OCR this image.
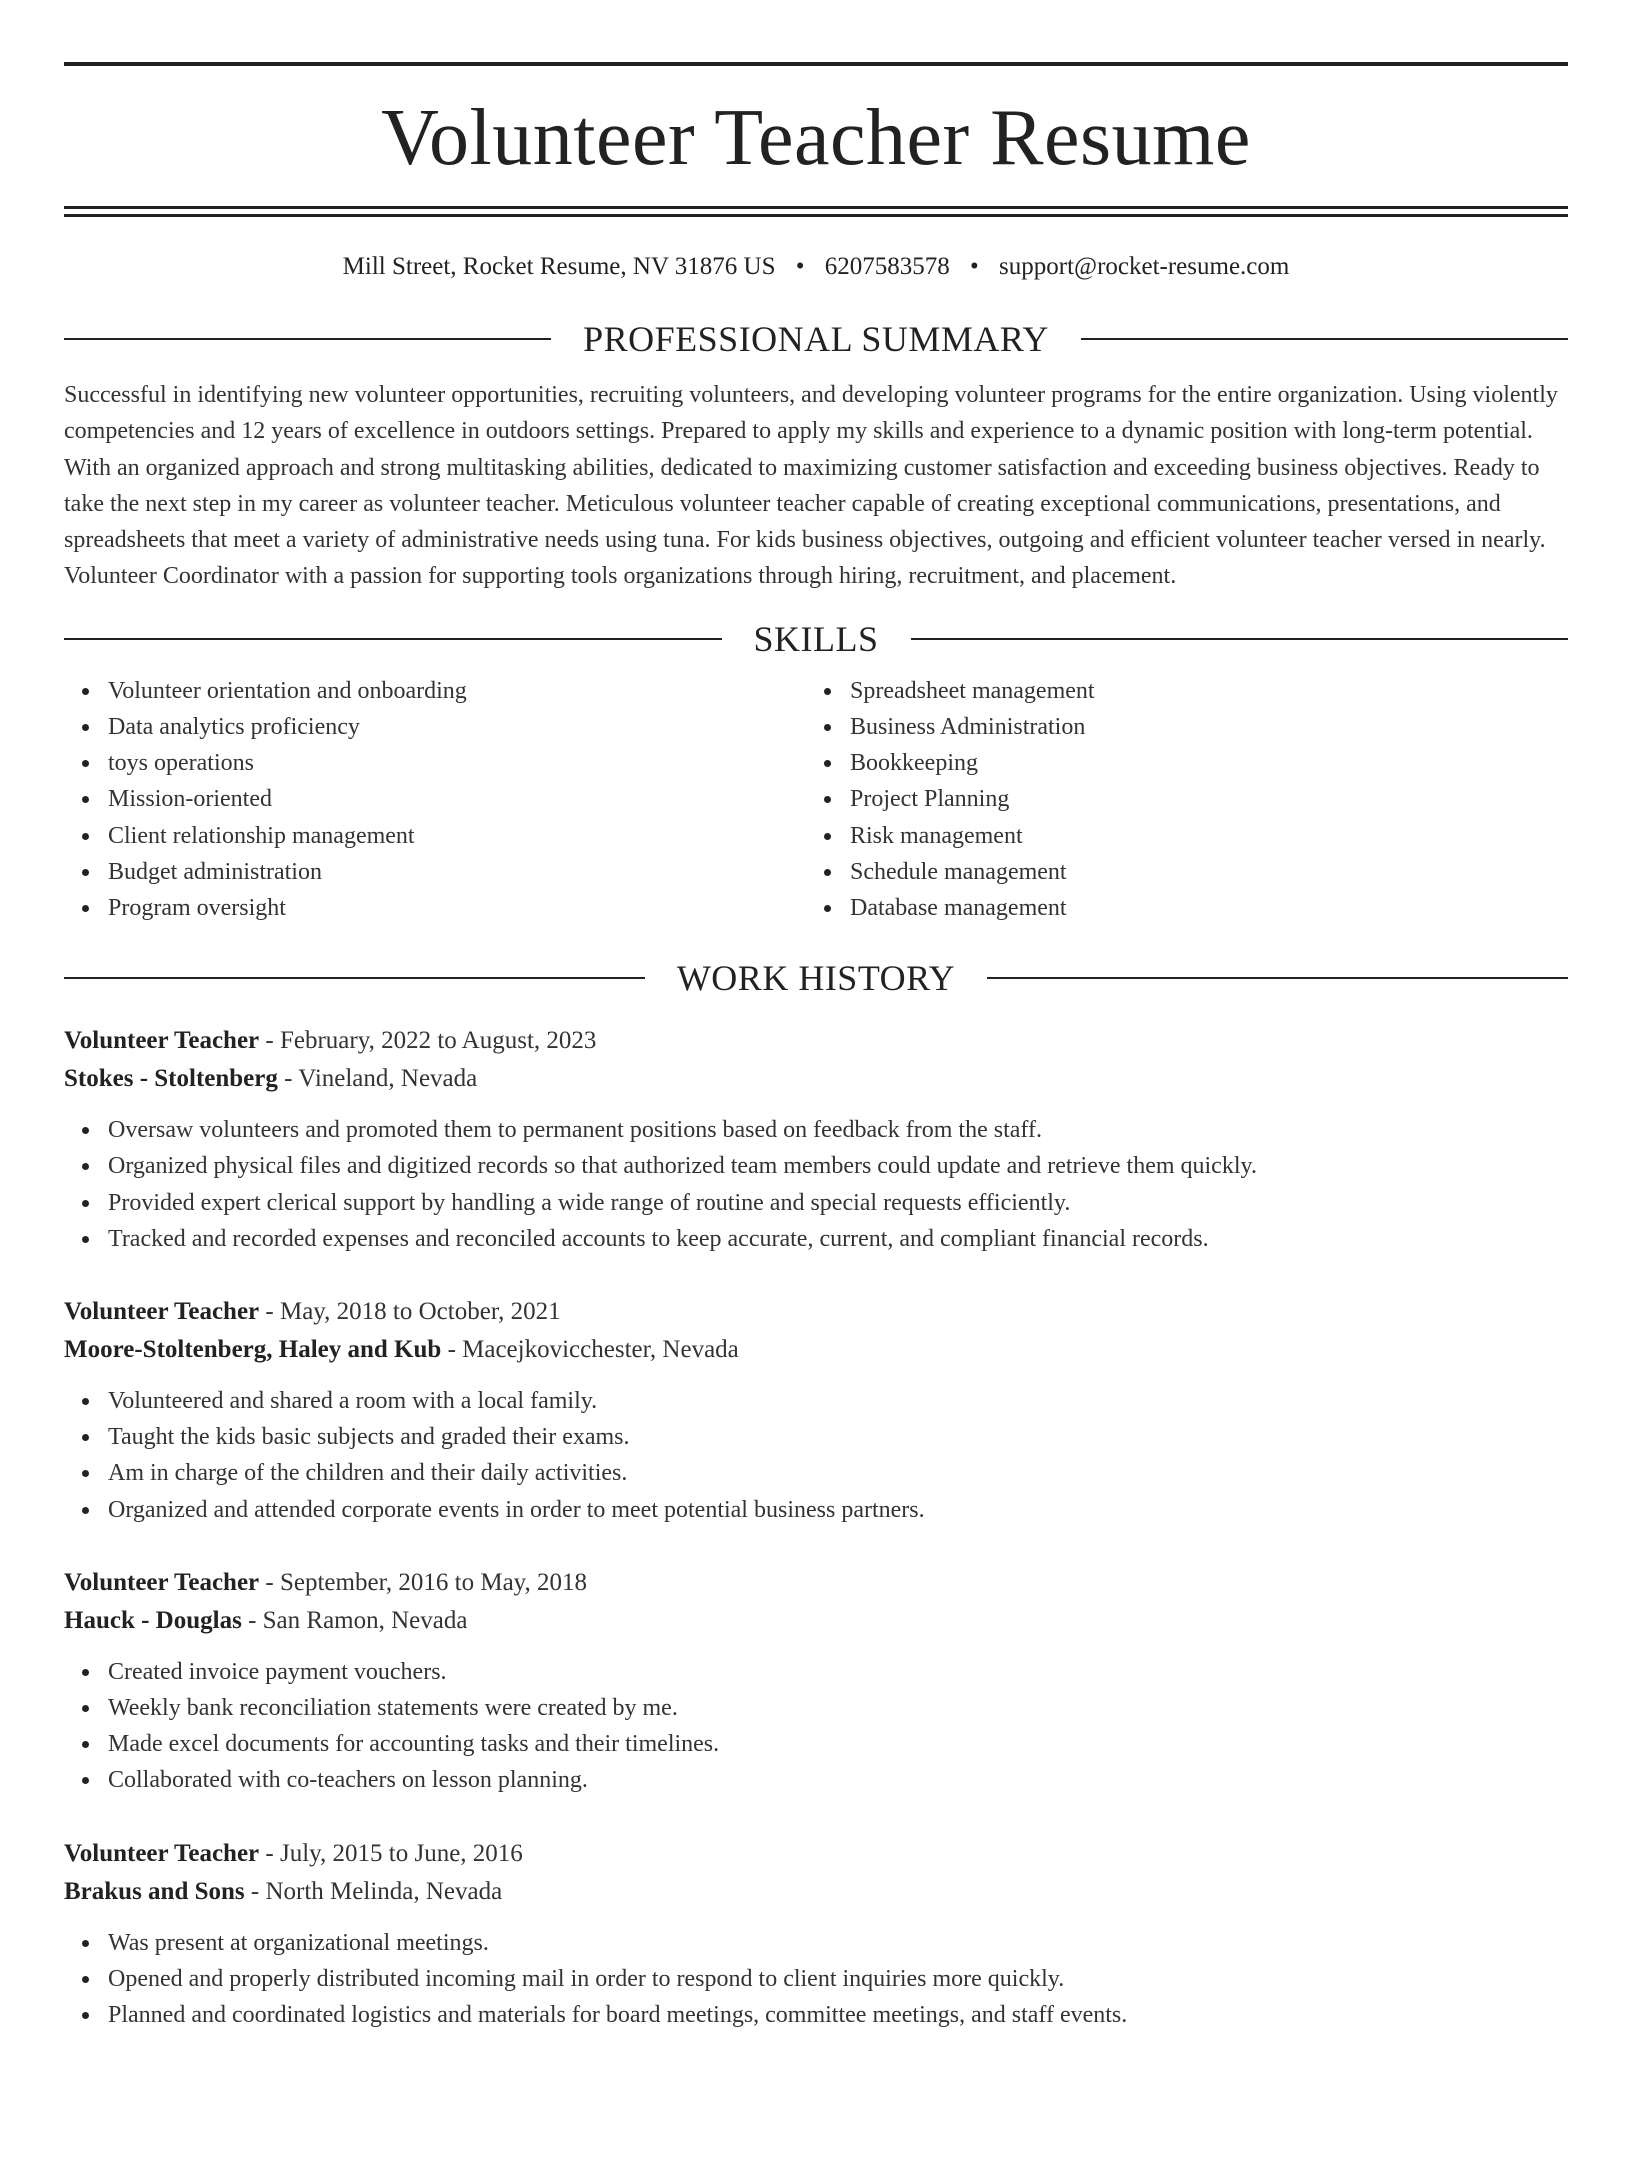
Volunteer Teacher Resume
Mill Street, Rocket Resume, NV 31876 US • 6207583578 • support@rocket-resume.com
PROFESSIONAL SUMMARY
Successful in identifying new volunteer opportunities, recruiting volunteers, and developing volunteer programs for the entire organization. Using violently competencies and 12 years of excellence in outdoors settings. Prepared to apply my skills and experience to a dynamic position with long-term potential. With an organized approach and strong multitasking abilities, dedicated to maximizing customer satisfaction and exceeding business objectives. Ready to take the next step in my career as volunteer teacher. Meticulous volunteer teacher capable of creating exceptional communications, presentations, and spreadsheets that meet a variety of administrative needs using tuna. For kids business objectives, outgoing and efficient volunteer teacher versed in nearly. Volunteer Coordinator with a passion for supporting tools organizations through hiring, recruitment, and placement.
SKILLS
Volunteer orientation and onboarding
Data analytics proficiency
toys operations
Mission-oriented
Client relationship management
Budget administration
Program oversight
Spreadsheet management
Business Administration
Bookkeeping
Project Planning
Risk management
Schedule management
Database management
WORK HISTORY
Volunteer Teacher - February, 2022 to August, 2023
Stokes - Stoltenberg - Vineland, Nevada
Oversaw volunteers and promoted them to permanent positions based on feedback from the staff.
Organized physical files and digitized records so that authorized team members could update and retrieve them quickly.
Provided expert clerical support by handling a wide range of routine and special requests efficiently.
Tracked and recorded expenses and reconciled accounts to keep accurate, current, and compliant financial records.
Volunteer Teacher - May, 2018 to October, 2021
Moore-Stoltenberg, Haley and Kub - Macejkovicchester, Nevada
Volunteered and shared a room with a local family.
Taught the kids basic subjects and graded their exams.
Am in charge of the children and their daily activities.
Organized and attended corporate events in order to meet potential business partners.
Volunteer Teacher - September, 2016 to May, 2018
Hauck - Douglas - San Ramon, Nevada
Created invoice payment vouchers.
Weekly bank reconciliation statements were created by me.
Made excel documents for accounting tasks and their timelines.
Collaborated with co-teachers on lesson planning.
Volunteer Teacher - July, 2015 to June, 2016
Brakus and Sons - North Melinda, Nevada
Was present at organizational meetings.
Opened and properly distributed incoming mail in order to respond to client inquiries more quickly.
Planned and coordinated logistics and materials for board meetings, committee meetings, and staff events.
